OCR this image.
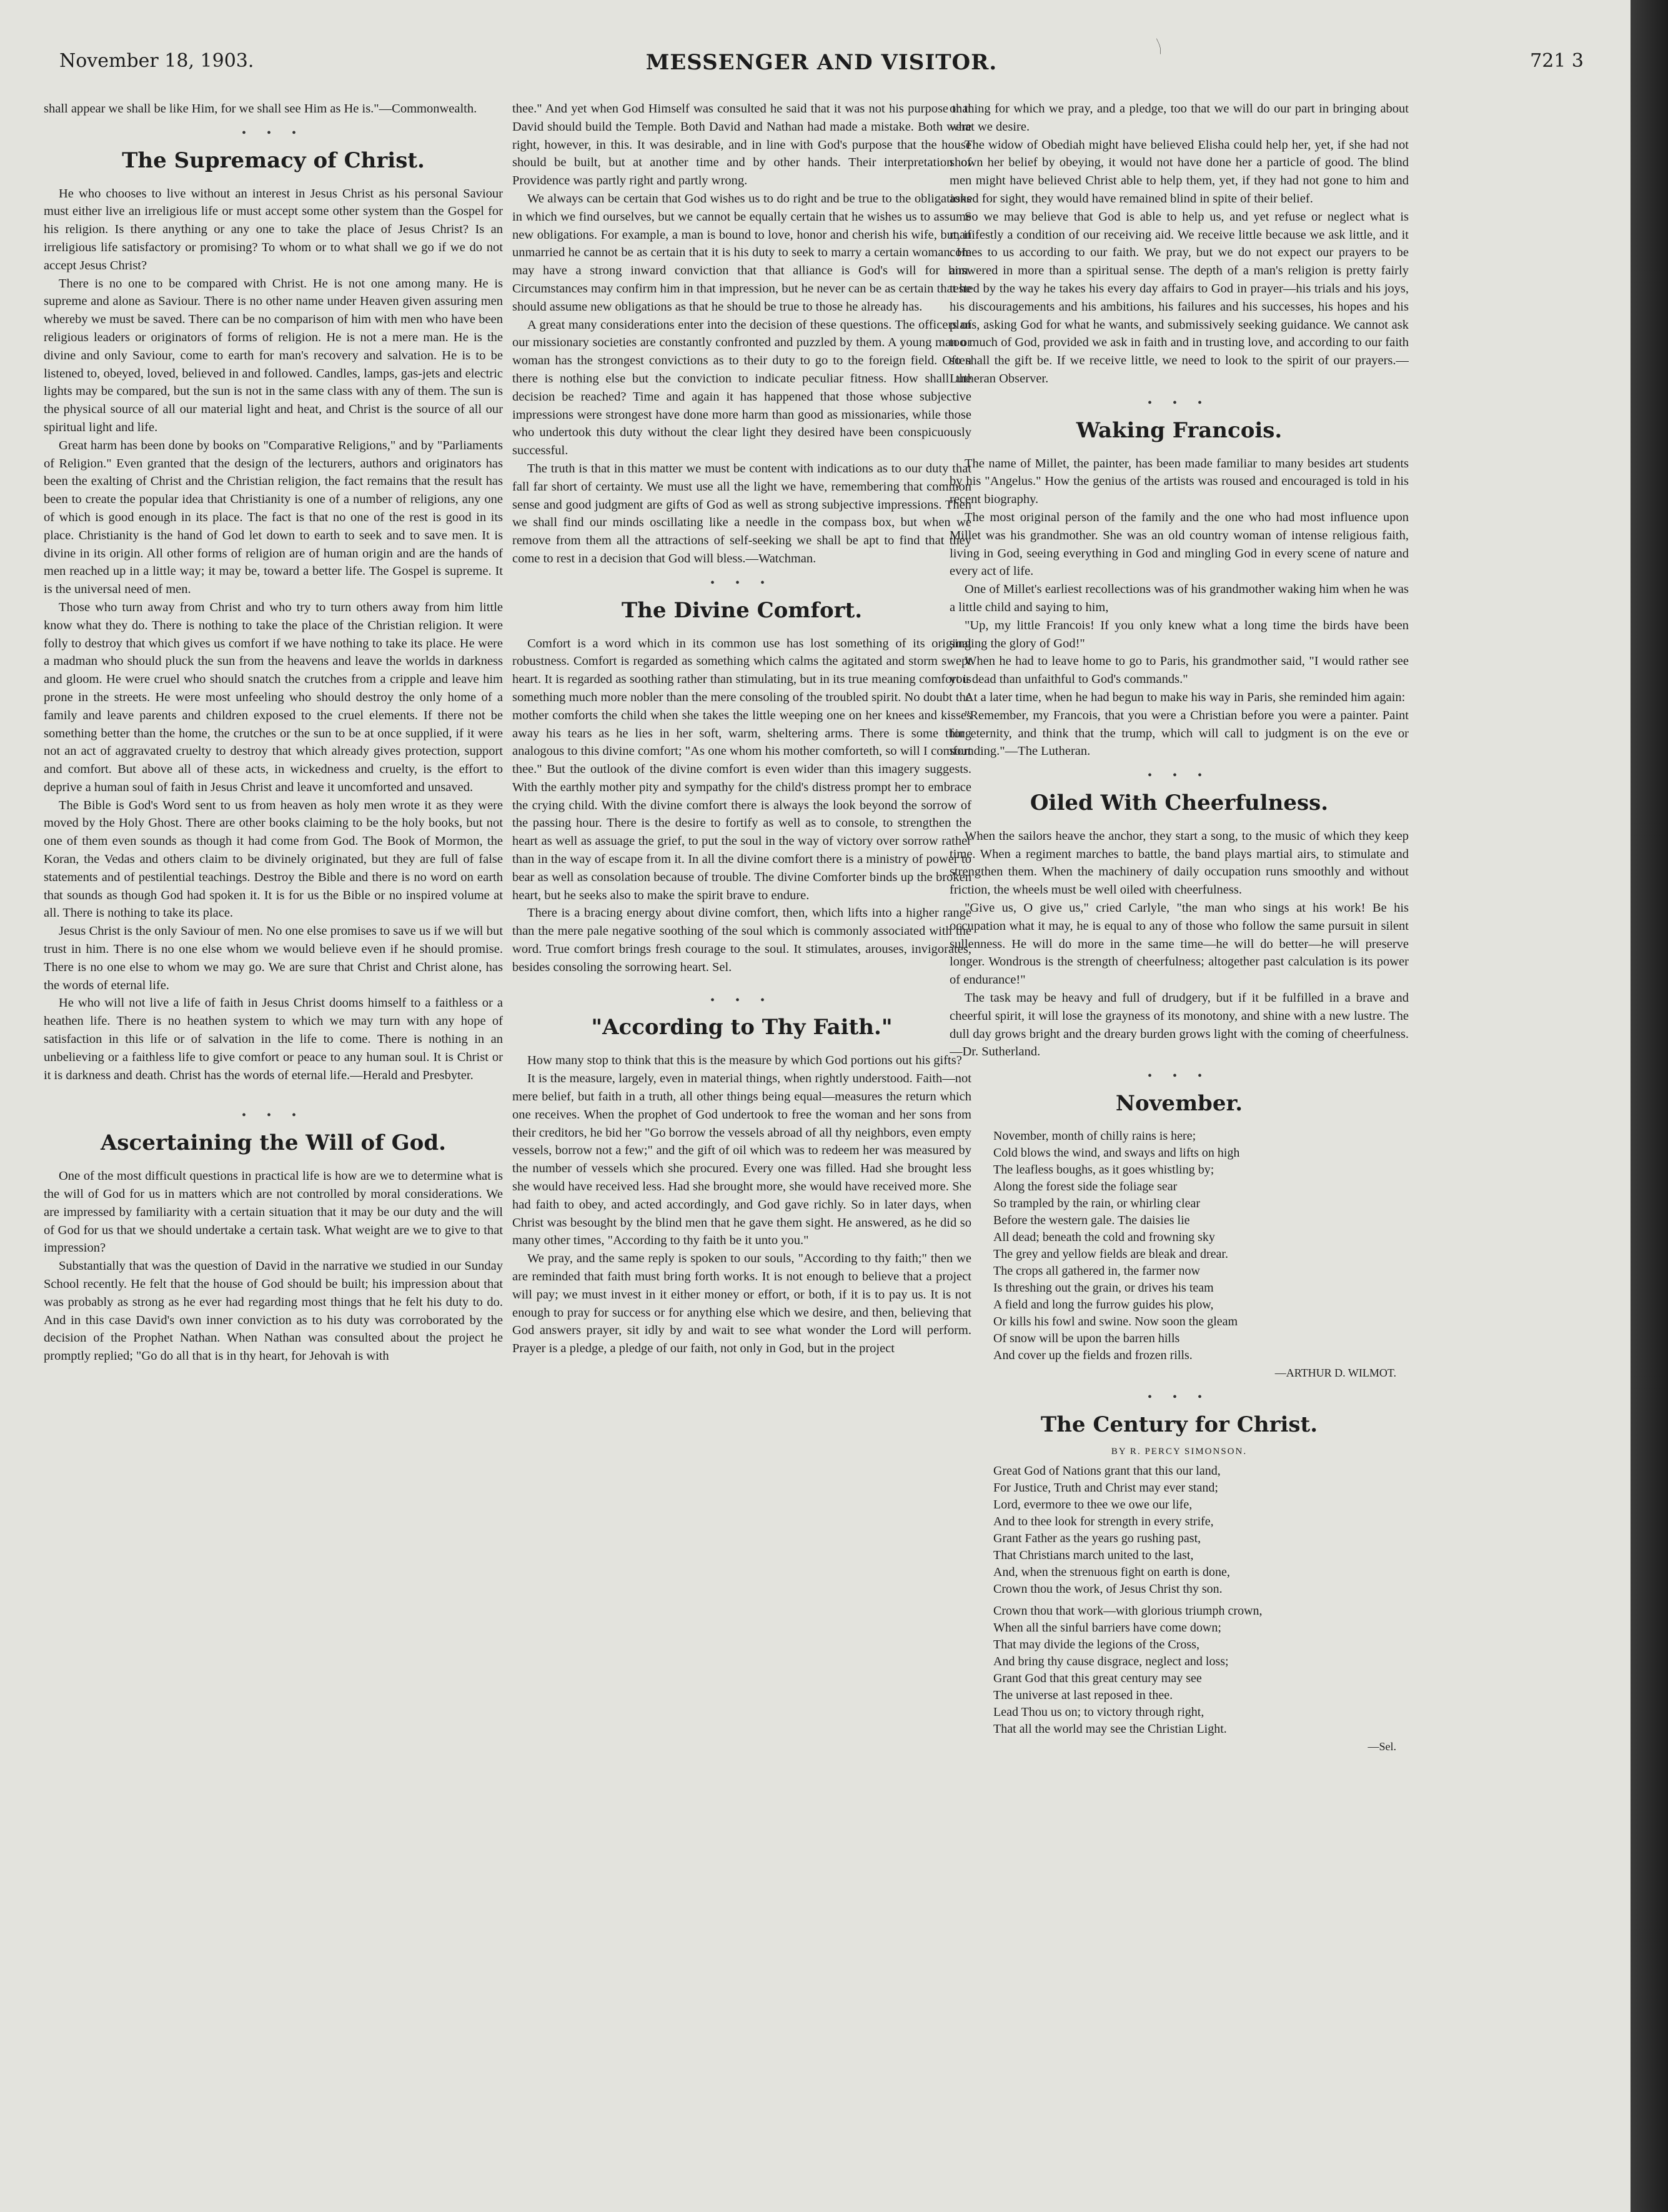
November 18, 1903.	MESSENGER AND VISITOR.	721 3

shall appear we shall be like Him, for we shall see Him as He is."—Commonwealth.

• • •
The Supremacy of Christ.

He who chooses to live without an interest in Jesus Christ as his personal Saviour must either live an irreligious life or must accept some other system than the Gospel for his religion. Is there anything or any one to take the place of Jesus Christ? Is an irreligious life satisfactory or promising? To whom or to what shall we go if we do not accept Jesus Christ?

There is no one to be compared with Christ. He is not one among many. He is supreme and alone as Saviour. There is no other name under Heaven given assuring men whereby we must be saved. There can be no comparison of him with men who have been religious leaders or originators of forms of religion. He is not a mere man. He is the divine and only Saviour, come to earth for man's recovery and salvation. He is to be listened to, obeyed, loved, believed in and followed. Candles, lamps, gas-jets and electric lights may be compared, but the sun is not in the same class with any of them. The sun is the physical source of all our material light and heat, and Christ is the source of all our spiritual light and life.

Great harm has been done by books on "Comparative Religions," and by "Parliaments of Religion." Even granted that the design of the lecturers, authors and originators has been the exalting of Christ and the Christian religion, the fact remains that the result has been to create the popular idea that Christianity is one of a number of religions, any one of which is good enough in its place. The fact is that no one of the rest is good in its place. Christianity is the hand of God let down to earth to seek and to save men. It is divine in its origin. All other forms of religion are of human origin and are the hands of men reached up in a little way; it may be, toward a better life. The Gospel is supreme. It is the universal need of men.

Those who turn away from Christ and who try to turn others away from him little know what they do. There is nothing to take the place of the Christian religion. It were folly to destroy that which gives us comfort if we have nothing to take its place. He were a madman who should pluck the sun from the heavens and leave the worlds in darkness and gloom. He were cruel who should snatch the crutches from a cripple and leave him prone in the streets. He were most unfeeling who should destroy the only home of a family and leave parents and children exposed to the cruel elements. If there not be something better than the home, the crutches or the sun to be at once supplied, if it were not an act of aggravated cruelty to destroy that which already gives protection, support and comfort. But above all of these acts, in wickedness and cruelty, is the effort to deprive a human soul of faith in Jesus Christ and leave it uncomforted and unsaved.

The Bible is God's Word sent to us from heaven as holy men wrote it as they were moved by the Holy Ghost. There are other books claiming to be the holy books, but not one of them even sounds as though it had come from God. The Book of Mormon, the Koran, the Vedas and others claim to be divinely originated, but they are full of false statements and of pestilential teachings. Destroy the Bible and there is no word on earth that sounds as though God had spoken it. It is for us the Bible or no inspired volume at all. There is nothing to take its place.

Jesus Christ is the only Saviour of men. No one else promises to save us if we will but trust in him. There is no one else whom we would believe even if he should promise. There is no one else to whom we may go. We are sure that Christ and Christ alone, has the words of eternal life.

He who will not live a life of faith in Jesus Christ dooms himself to a faithless or a heathen life. There is no heathen system to which we may turn with any hope of satisfaction in this life or of salvation in the life to come. There is nothing in an unbelieving or a faithless life to give comfort or peace to any human soul. It is Christ or it is darkness and death. Christ has the words of eternal life.—Herald and Presbyter.

• • •
Ascertaining the Will of God.

One of the most difficult questions in practical life is how are we to determine what is the will of God for us in matters which are not controlled by moral considerations. We are impressed by familiarity with a certain situation that it may be our duty and the will of God for us that we should undertake a certain task. What weight are we to give to that impression?

Substantially that was the question of David in the narrative we studied in our Sunday School recently. He felt that the house of God should be built; his impression about that was probably as strong as he ever had regarding most things that he felt his duty to do. And in this case David's own inner conviction as to his duty was corroborated by the decision of the Prophet Nathan. When Nathan was consulted about the project he promptly replied; "Go do all that is in thy heart, for Jehovah is with

thee." And yet when God Himself was consulted he said that it was not his purpose that David should build the Temple. Both David and Nathan had made a mistake. Both were right, however, in this. It was desirable, and in line with God's purpose that the house should be built, but at another time and by other hands. Their interpretation of Providence was partly right and partly wrong.

We always can be certain that God wishes us to do right and be true to the obligations in which we find ourselves, but we cannot be equally certain that he wishes us to assume new obligations. For example, a man is bound to love, honor and cherish his wife, but, if unmarried he cannot be as certain that it is his duty to seek to marry a certain woman. He may have a strong inward conviction that that alliance is God's will for him. Circumstances may confirm him in that impression, but he never can be as certain that he should assume new obligations as that he should be true to those he already has.

A great many considerations enter into the decision of these questions. The officers of our missionary societies are constantly confronted and puzzled by them. A young man or woman has the strongest convictions as to their duty to go to the foreign field. Often there is nothing else but the conviction to indicate peculiar fitness. How shall the decision be reached? Time and again it has happened that those whose subjective impressions were strongest have done more harm than good as missionaries, while those who undertook this duty without the clear light they desired have been conspicuously successful.

The truth is that in this matter we must be content with indications as to our duty that fall far short of certainty. We must use all the light we have, remembering that common sense and good judgment are gifts of God as well as strong subjective impressions. Then we shall find our minds oscillating like a needle in the compass box, but when we remove from them all the attractions of self-seeking we shall be apt to find that they come to rest in a decision that God will bless.—Watchman.

• • •
The Divine Comfort.

Comfort is a word which in its common use has lost something of its original robustness. Comfort is regarded as something which calms the agitated and storm swept heart. It is regarded as soothing rather than stimulating, but in its true meaning comfort is something much more nobler than the mere consoling of the troubled spirit. No doubt the mother comforts the child when she takes the little weeping one on her knees and kisses away his tears as he lies in her soft, warm, sheltering arms. There is some thing analogous to this divine comfort; "As one whom his mother comforteth, so will I comfort thee." But the outlook of the divine comfort is even wider than this imagery suggests. With the earthly mother pity and sympathy for the child's distress prompt her to embrace the crying child. With the divine comfort there is always the look beyond the sorrow of the passing hour. There is the desire to fortify as well as to console, to strengthen the heart as well as assuage the grief, to put the soul in the way of victory over sorrow rather than in the way of escape from it. In all the divine comfort there is a ministry of power to bear as well as consolation because of trouble. The divine Comforter binds up the broken heart, but he seeks also to make the spirit brave to endure.

There is a bracing energy about divine comfort, then, which lifts into a higher range than the mere pale negative soothing of the soul which is commonly associated with the word. True comfort brings fresh courage to the soul. It stimulates, arouses, invigorates, besides consoling the sorrowing heart. Sel.

• • •
"According to Thy Faith."

How many stop to think that this is the measure by which God portions out his gifts?

It is the measure, largely, even in material things, when rightly understood. Faith—not mere belief, but faith in a truth, all other things being equal—measures the return which one receives. When the prophet of God undertook to free the woman and her sons from their creditors, he bid her "Go borrow the vessels abroad of all thy neighbors, even empty vessels, borrow not a few;" and the gift of oil which was to redeem her was measured by the number of vessels which she procured. Every one was filled. Had she brought less she would have received less. Had she brought more, she would have received more. She had faith to obey, and acted accordingly, and God gave richly. So in later days, when Christ was besought by the blind men that he gave them sight. He answered, as he did so many other times, "According to thy faith be it unto you."

We pray, and the same reply is spoken to our souls, "According to thy faith;" then we are reminded that faith must bring forth works. It is not enough to believe that a project will pay; we must invest in it either money or effort, or both, if it is to pay us. It is not enough to pray for success or for anything else which we desire, and then, believing that God answers prayer, sit idly by and wait to see what wonder the Lord will perform. Prayer is a pledge, a pledge of our faith, not only in God, but in the project

or thing for which we pray, and a pledge, too that we will do our part in bringing about what we desire.

The widow of Obediah might have believed Elisha could help her, yet, if she had not shown her belief by obeying, it would not have done her a particle of good. The blind men might have believed Christ able to help them, yet, if they had not gone to him and asked for sight, they would have remained blind in spite of their belief.

So we may believe that God is able to help us, and yet refuse or neglect what is manifestly a condition of our receiving aid. We receive little because we ask little, and it comes to us according to our faith. We pray, but we do not expect our prayers to be answered in more than a spiritual sense. The depth of a man's religion is pretty fairly tested by the way he takes his every day affairs to God in prayer—his trials and his joys, his discouragements and his ambitions, his failures and his successes, his hopes and his plans, asking God for what he wants, and submissively seeking guidance. We cannot ask too much of God, provided we ask in faith and in trusting love, and according to our faith so shall the gift be. If we receive little, we need to look to the spirit of our prayers.—Lutheran Observer.

• • •
Waking Francois.

The name of Millet, the painter, has been made familiar to many besides art students by his "Angelus." How the genius of the artists was roused and encouraged is told in his recent biography.

The most original person of the family and the one who had most influence upon Millet was his grandmother. She was an old country woman of intense religious faith, living in God, seeing everything in God and mingling God in every scene of nature and every act of life.

One of Millet's earliest recollections was of his grandmother waking him when he was a little child and saying to him,

"Up, my little Francois! If you only knew what a long time the birds have been singing the glory of God!"

When he had to leave home to go to Paris, his grandmother said, "I would rather see you dead than unfaithful to God's commands."

At a later time, when he had begun to make his way in Paris, she reminded him again:

"Remember, my Francois, that you were a Christian before you were a painter. Paint for eternity, and think that the trump, which will call to judgment is on the eve or sounding."—The Lutheran.

• • •
Oiled With Cheerfulness.

When the sailors heave the anchor, they start a song, to the music of which they keep time. When a regiment marches to battle, the band plays martial airs, to stimulate and strengthen them. When the machinery of daily occupation runs smoothly and without friction, the wheels must be well oiled with cheerfulness.

"Give us, O give us," cried Carlyle, "the man who sings at his work! Be his occupation what it may, he is equal to any of those who follow the same pursuit in silent sullenness. He will do more in the same time—he will do better—he will preserve longer. Wondrous is the strength of cheerfulness; altogether past calculation is its power of endurance!"

The task may be heavy and full of drudgery, but if it be fulfilled in a brave and cheerful spirit, it will lose the grayness of its monotony, and shine with a new lustre. The dull day grows bright and the dreary burden grows light with the coming of cheerfulness.—Dr. Sutherland.

• • •
November.
November, month of chilly rains is here;
Cold blows the wind, and sways and lifts on high
The leafless boughs, as it goes whistling by;
Along the forest side the foliage sear
So trampled by the rain, or whirling clear
Before the western gale. The daisies lie
All dead; beneath the cold and frowning sky
The grey and yellow fields are bleak and drear.
The crops all gathered in, the farmer now
Is threshing out the grain, or drives his team
A field and long the furrow guides his plow,
Or kills his fowl and swine. Now soon the gleam
Of snow will be upon the barren hills
And cover up the fields and frozen rills.
—ARTHUR D. WILMOT.
• • •
The Century for Christ.
BY R. PERCY SIMONSON.
Great God of Nations grant that this our land,
For Justice, Truth and Christ may ever stand;
Lord, evermore to thee we owe our life,
And to thee look for strength in every strife,
Grant Father as the years go rushing past,
That Christians march united to the last,
And, when the strenuous fight on earth is done,
Crown thou the work, of Jesus Christ thy son.
Crown thou that work—with glorious triumph crown,
When all the sinful barriers have come down;
That may divide the legions of the Cross,
And bring thy cause disgrace, neglect and loss;
Grant God that this great century may see
The universe at last reposed in thee.
Lead Thou us on; to victory through right,
That all the world may see the Christian Light.
—Sel.
